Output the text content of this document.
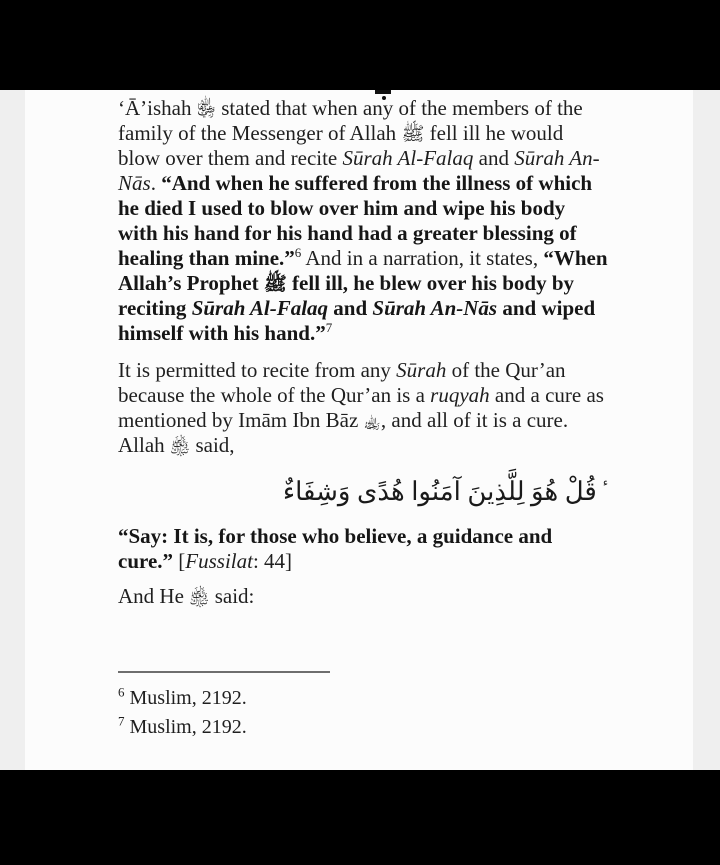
‘Ā’ishah ﵂ stated that when any of the members of the family of the Messenger of Allah ﷺ fell ill he would blow over them and recite Sūrah Al-Falaq and Sūrah An-Nās. “And when he suffered from the illness of which he died I used to blow over him and wipe his body with his hand for his hand had a greater blessing of healing than mine.”$^6$ And in a narration, it states, “When Allah’s Prophet ﷺ fell ill, he blew over his body by reciting Sūrah Al-Falaq and Sūrah An-Nās and wiped himself with his hand.”$^7$

It is permitted to recite from any Sūrah of the Qur’an because the whole of the Qur’an is a ruqyah and a cure as mentioned by Imām Ibn Bāz ﵀, and all of it is a cure. Allah ﵎ said,

ءقُلْ هُوَ لِلَّذِينَ آمَنُوا هُدًى وَشِفَاءٌ

“Say: It is, for those who believe, a guidance and cure.” [Fussilat: 44]

And He ﵎ said:

$^6$ Muslim, 2192.
$^7$ Muslim, 2192.
